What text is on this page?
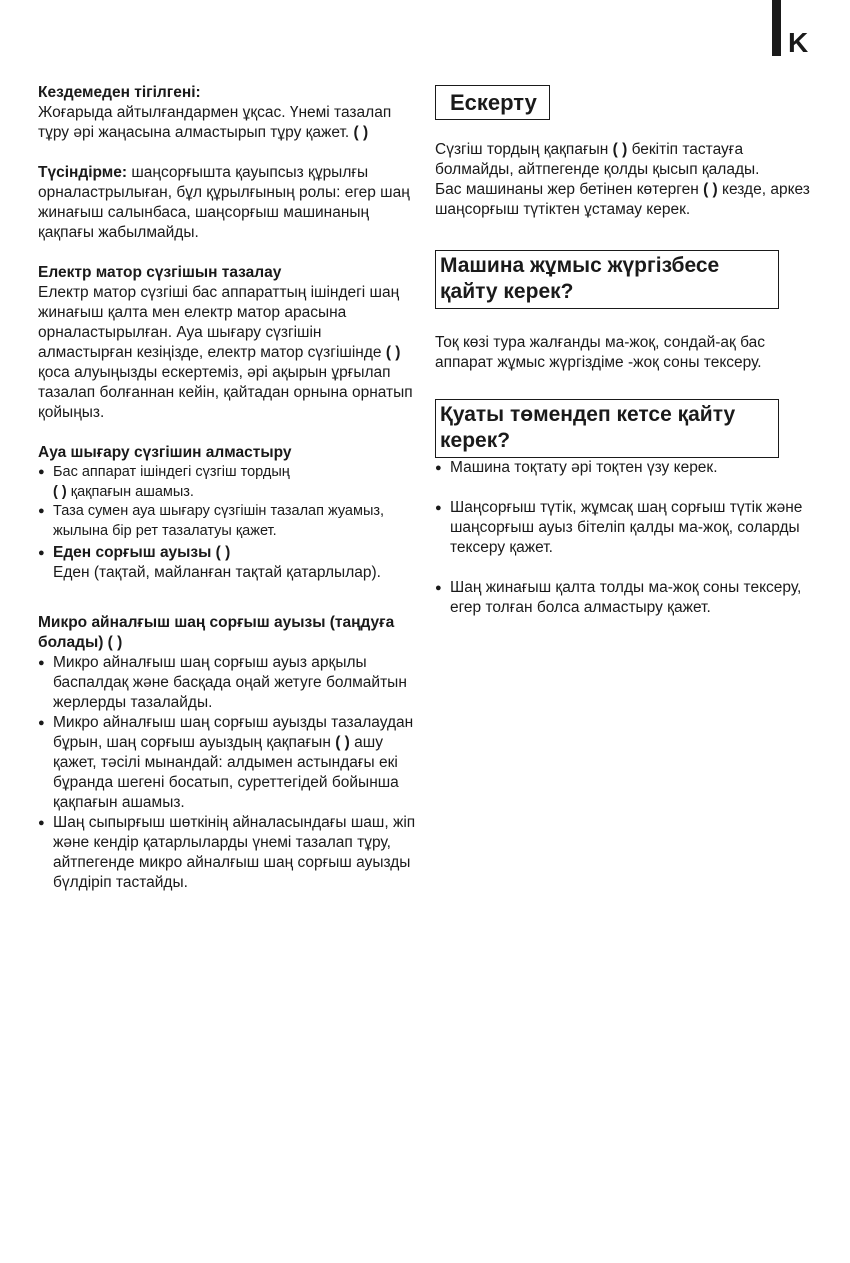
K

Кездемеден тігілгені:

Жоғарыда айтылғандармен ұқсас. Үнемі тазалап тұру әрі жаңасына алмастырып тұру қажет. ( )

Түсіндірме: шаңсорғышта қауыпсыз құрылғы орналастрылыған, бұл құрылғының ролы: егер шаң жинағыш салынбаса, шаңсорғыш машинаның қақпағы жабылмайды.

Електр матор сүзгішын тазалау

Електр матор сүзгіші бас аппараттың ішіндегі шаң жинағыш қалта мен електр матор арасына орналастырылған. Ауа шығару сүзгішін алмастырған кезіңізде, електр матор сүзгішінде ( ) қоса алуыңызды ескертеміз, әрі ақырын ұрғылап тазалап болғаннан кейін, қайтадан орнына орнатып қойыңыз.

Ауа шығару сүзгішин алмастыру

● Бас аппарат ішіндегі сүзгіш тордың
( ) қақпағын ашамыз.
● Таза сумен ауа шығару сүзгішін тазалап жуамыз, жылына бір рет тазалатуы қажет.
● Еден сорғыш ауызы ( )
Еден (тақтай, майланған тақтай қатарлылар).

Микро айналғыш шаң сорғыш ауызы (таңдуға болады) ( )

● Микро айналғыш шаң сорғыш ауыз арқылы баспалдақ және басқада оңай жетуге болмайтын жерлерды тазалайды.
● Микро айналғыш шаң сорғыш ауызды тазалаудан бұрын, шаң сорғыш ауыздың қақпағын ( ) ашу қажет, тәсілі мынандай: алдымен астындағы екі бұранда шегені босатып, суреттегідей бойынша қақпағын ашамыз.
● Шаң сыпырғыш шөткінің айналасындағы шаш, жіп және кендір қатарлыларды үнемі тазалап тұру, айтпегенде микро айналғыш шаң сорғыш ауызды бүлдіріп тастайды.
Ескерту

Сүзгіш тордың қақпағын ( ) бекітіп тастауға болмайды, айтпегенде қолды қысып қалады.

Бас машинаны жер бетінен көтерген ( ) кезде, аркез шаңсорғыш түтіктен ұстамау керек.

Машина жұмыс жүргізбесе қайту керек?

Тоқ көзі тура жалғанды ма-жоқ, сондай-ақ бас аппарат жұмыс жүргіздіме -жоқ соны тексеру.

Қуаты төмендеп кетсе қайту керек?
● Машина тоқтату әрі тоқтен үзу керек.
● Шаңсорғыш түтік, жұмсақ шаң сорғыш түтік және шаңсорғыш ауыз бітеліп қалды ма-жоқ, соларды тексеру қажет.
● Шаң жинағыш қалта толды ма-жоқ соны тексеру, егер толған болса алмастыру қажет.
